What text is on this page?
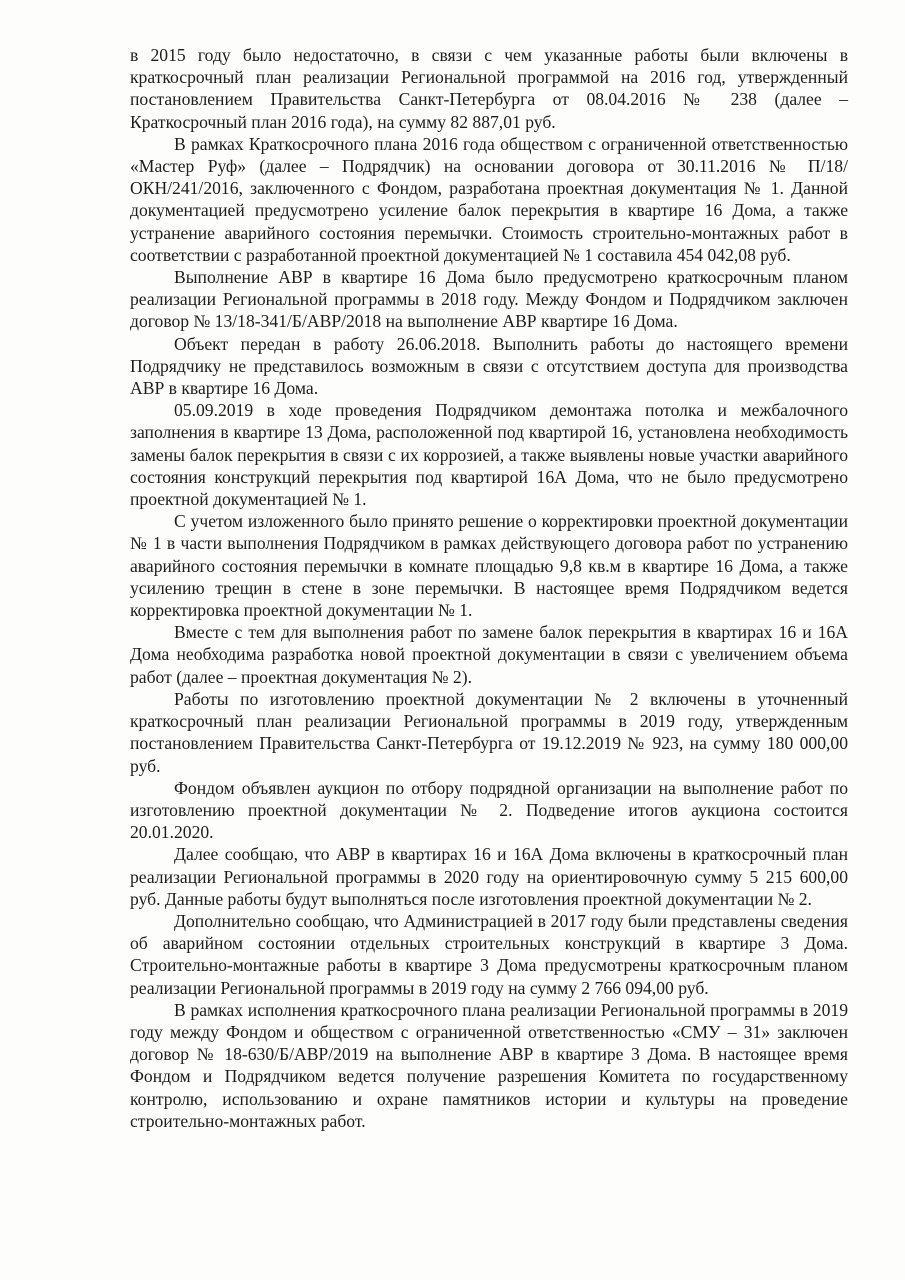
в 2015 году было недостаточно, в связи с чем указанные работы были включены в краткосрочный план реализации Региональной программой на 2016 год, утвержденный постановлением Правительства Санкт-Петербурга от 08.04.2016 № 238 (далее – Краткосрочный план 2016 года), на сумму 82 887,01 руб.

В рамках Краткосрочного плана 2016 года обществом с ограниченной ответственностью «Мастер Руф» (далее – Подрядчик) на основании договора от 30.11.2016 № П/18/ОКН/241/2016, заключенного с Фондом, разработана проектная документация № 1. Данной документацией предусмотрено усиление балок перекрытия в квартире 16 Дома, а также устранение аварийного состояния перемычки. Стоимость строительно-монтажных работ в соответствии с разработанной проектной документацией № 1 составила 454 042,08 руб.

Выполнение АВР в квартире 16 Дома было предусмотрено краткосрочным планом реализации Региональной программы в 2018 году. Между Фондом и Подрядчиком заключен договор № 13/18-341/Б/АВР/2018 на выполнение АВР квартире 16 Дома.

Объект передан в работу 26.06.2018. Выполнить работы до настоящего времени Подрядчику не представилось возможным в связи с отсутствием доступа для производства АВР в квартире 16 Дома.

05.09.2019 в ходе проведения Подрядчиком демонтажа потолка и межбалочного заполнения в квартире 13 Дома, расположенной под квартирой 16, установлена необходимость замены балок перекрытия в связи с их коррозией, а также выявлены новые участки аварийного состояния конструкций перекрытия под квартирой 16А Дома, что не было предусмотрено проектной документацией № 1.

С учетом изложенного было принято решение о корректировки проектной документации № 1 в части выполнения Подрядчиком в рамках действующего договора работ по устранению аварийного состояния перемычки в комнате площадью 9,8 кв.м в квартире 16 Дома, а также усилению трещин в стене в зоне перемычки. В настоящее время Подрядчиком ведется корректировка проектной документации № 1.

Вместе с тем для выполнения работ по замене балок перекрытия в квартирах 16 и 16А Дома необходима разработка новой проектной документации в связи с увеличением объема работ (далее – проектная документация № 2).

Работы по изготовлению проектной документации № 2 включены в уточненный краткосрочный план реализации Региональной программы в 2019 году, утвержденным постановлением Правительства Санкт-Петербурга от 19.12.2019 № 923, на сумму 180 000,00 руб.

Фондом объявлен аукцион по отбору подрядной организации на выполнение работ по изготовлению проектной документации № 2. Подведение итогов аукциона состоится 20.01.2020.

Далее сообщаю, что АВР в квартирах 16 и 16А Дома включены в краткосрочный план реализации Региональной программы в 2020 году на ориентировочную сумму 5 215 600,00 руб. Данные работы будут выполняться после изготовления проектной документации № 2.

Дополнительно сообщаю, что Администрацией в 2017 году были представлены сведения об аварийном состоянии отдельных строительных конструкций в квартире 3 Дома. Строительно-монтажные работы в квартире 3 Дома предусмотрены краткосрочным планом реализации Региональной программы в 2019 году на сумму 2 766 094,00 руб.

В рамках исполнения краткосрочного плана реализации Региональной программы в 2019 году между Фондом и обществом с ограниченной ответственностью «СМУ – 31» заключен договор № 18-630/Б/АВР/2019 на выполнение АВР в квартире 3 Дома. В настоящее время Фондом и Подрядчиком ведется получение разрешения Комитета по государственному контролю, использованию и охране памятников истории и культуры на проведение строительно-монтажных работ.
